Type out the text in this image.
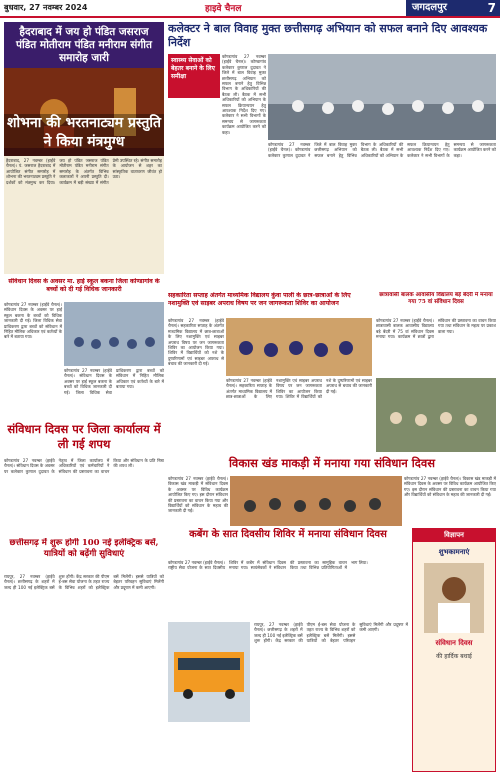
बुधवार, 27 नवम्बर 2024	हाइवे चैनल	जगदलपुर	7
हैदराबाद में जय हो पंडित जसराज पंडित मोतीराम पंडित मनीराम संगीत समारोह जारी
शोभना की भरतनाट्यम प्रस्तुति ने किया मंत्रमुग्ध
हैदराबाद, 27 नवम्बर (हाईवे चैनल)। पं. जसराज हैदराबाद में आयोजित संगीत समारोह में शोभना की भरतनाट्यम प्रस्तुति ने दर्शकों को मंत्रमुग्ध कर दिया। जय हो पंडित जसराज पंडित मोतीराम पंडित मनीराम संगीत समारोह के अंतर्गत विभिन्न कलाकारों ने अपनी प्रस्तुति दी। कार्यक्रम में बड़ी संख्या में संगीत प्रेमी उपस्थित रहे। संगीत समारोह के आयोजन से शहर का सांस्कृतिक वातावरण जीवंत हो उठा।
कलेक्टर ने बाल विवाह मुक्त छत्तीसगढ़ अभियान को सफल बनाने दिए आवश्यक निर्देश
स्वास्थ्य सेवाओं को बेहतर बनाने के लिए समीक्षा
कोण्डागांव 27 नवम्बर (हाईवे चैनल)। कोण्डागांव कलेक्टर कुणाल दुदावत ने जिले में बाल विवाह मुक्त छत्तीसगढ़ अभियान को सफल बनाने हेतु विभिन्न विभाग के अधिकारियों की बैठक ली। बैठक में सभी अधिकारियों को अभियान के सफल क्रियान्वयन हेतु आवश्यक निर्देश दिए गए। कलेक्टर ने सभी विभागों के समन्वय से जागरूकता कार्यक्रम आयोजित करने को कहा।
कोण्डागांव 27 नवम्बर (हाईवे चैनल)। कोण्डागांव कलेक्टर कुणाल दुदावत ने जिले में बाल विवाह मुक्त छत्तीसगढ़ अभियान को सफल बनाने हेतु विभिन्न विभाग के अधिकारियों की बैठक ली। बैठक में सभी अधिकारियों को अभियान के सफल क्रियान्वयन हेतु आवश्यक निर्देश दिए गए। कलेक्टर ने सभी विभागों के समन्वय से जागरूकता कार्यक्रम आयोजित करने को कहा।
सहकारिता सप्ताह अंतर्गत माध्यमिक विद्यालय कुंवा पाली के छात्र-छात्राओं के लिए नशामुक्ति एवं साइबर अपराध विषय पर जन जागरूकता शिविर का आयोजन
कोण्डागांव 27 नवम्बर (हाईवे चैनल)। सहकारिता सप्ताह के अंतर्गत माध्यमिक विद्यालय में छात्र-छात्राओं के लिए नशामुक्ति एवं साइबर अपराध विषय पर जन जागरूकता शिविर का आयोजन किया गया। शिविर में विद्यार्थियों को नशे के दुष्परिणामों एवं साइबर अपराध से बचाव की जानकारी दी गई।
कोण्डागांव 27 नवम्बर (हाईवे चैनल)। सहकारिता सप्ताह के अंतर्गत माध्यमिक विद्यालय में छात्र-छात्राओं के लिए नशामुक्ति एवं साइबर अपराध विषय पर जन जागरूकता शिविर का आयोजन किया गया। शिविर में विद्यार्थियों को नशे के दुष्परिणामों एवं साइबर अपराध से बचाव की जानकारी दी गई।
छात्रावासी बालक आवासीय विद्यालय बड़े बेंदरी में मनाया गया 75 वां संविधान दिवस
कोण्डागांव 27 नवम्बर (हाईवे चैनल)। छात्रावासी बालक आवासीय विद्यालय बड़े बेंदरी में 75 वां संविधान दिवस मनाया गया। कार्यक्रम में छात्रों द्वारा संविधान की प्रस्तावना का वाचन किया गया तथा संविधान के महत्व पर प्रकाश डाला गया।
संविधान दिवस के अवसर मा. हाई स्कूल बकना जिला कोण्डागांव के बच्चों को दी गई विधिक जानकारी
कोण्डागांव 27 नवम्बर (हाईवे चैनल)। संविधान दिवस के अवसर पर हाई स्कूल बकना के बच्चों को विधिक जानकारी दी गई। जिला विधिक सेवा प्राधिकरण द्वारा बच्चों को संविधान में निहित मौलिक अधिकार एवं कर्तव्यों के बारे में बताया गया।
कोण्डागांव 27 नवम्बर (हाईवे चैनल)। संविधान दिवस के अवसर पर हाई स्कूल बकना के बच्चों को विधिक जानकारी दी गई। जिला विधिक सेवा प्राधिकरण द्वारा बच्चों को संविधान में निहित मौलिक अधिकार एवं कर्तव्यों के बारे में बताया गया।
संविधान दिवस पर जिला कार्यालय में ली गई शपथ
कोण्डागांव 27 नवम्बर (हाईवे चैनल)। संविधान दिवस के अवसर पर कलेक्टर कुणाल दुदावत के नेतृत्व में जिला कार्यालय में अधिकारियों एवं कर्मचारियों ने संविधान की प्रस्तावना का वाचन किया और संविधान के प्रति निष्ठा की शपथ ली।	विकास खंड माकड़ी में मनाया गया संविधान दिवस
कोण्डागांव 27 नवम्बर (हाईवे चैनल)। विकास खंड माकड़ी में संविधान दिवस के अवसर पर विविध कार्यक्रम आयोजित किए गए। इस दौरान संविधान की प्रस्तावना का वाचन किया गया और विद्यार्थियों को संविधान के महत्व की जानकारी दी गई।
कोण्डागांव 27 नवम्बर (हाईवे चैनल)। विकास खंड माकड़ी में संविधान दिवस के अवसर पर विविध कार्यक्रम आयोजित किए गए। इस दौरान संविधान की प्रस्तावना का वाचन किया गया और विद्यार्थियों को संविधान के महत्व की जानकारी दी गई।
कबेंग के सात दिवसीय शिविर में मनाया संविधान दिवस
कोण्डागांव 27 नवम्बर (हाईवे चैनल)। राष्ट्रीय सेवा योजना के सात दिवसीय शिविर में कबेंग में संविधान दिवस मनाया गया। स्वयंसेवकों ने संविधान की प्रस्तावना का सामूहिक वाचन किया तथा विभिन्न प्रतियोगिताओं में भाग लिया।
विज्ञापन
शुभकामनाएं
संविधान दिवस
की हार्दिक बधाई
छत्तीसगढ़ में शुरू होगी 100 नई इलेक्ट्रिक बसें, यात्रियों को बढ़ेंगी सुविधाएं
रायपुर, 27 नवम्बर (हाईवे चैनल)। छत्तीसगढ़ के शहरों में जल्द ही 100 नई इलेक्ट्रिक बसें शुरू होंगी। केंद्र सरकार की पीएम ई-बस सेवा योजना के तहत राज्य के विभिन्न शहरों को इलेक्ट्रिक बसें मिलेंगी। इससे यात्रियों को बेहतर परिवहन सुविधाएं मिलेंगी और प्रदूषण में कमी आएगी।
रायपुर, 27 नवम्बर (हाईवे चैनल)। छत्तीसगढ़ के शहरों में जल्द ही 100 नई इलेक्ट्रिक बसें शुरू होंगी। केंद्र सरकार की पीएम ई-बस सेवा योजना के तहत राज्य के विभिन्न शहरों को इलेक्ट्रिक बसें मिलेंगी। इससे यात्रियों को बेहतर परिवहन सुविधाएं मिलेंगी और प्रदूषण में कमी आएगी।
